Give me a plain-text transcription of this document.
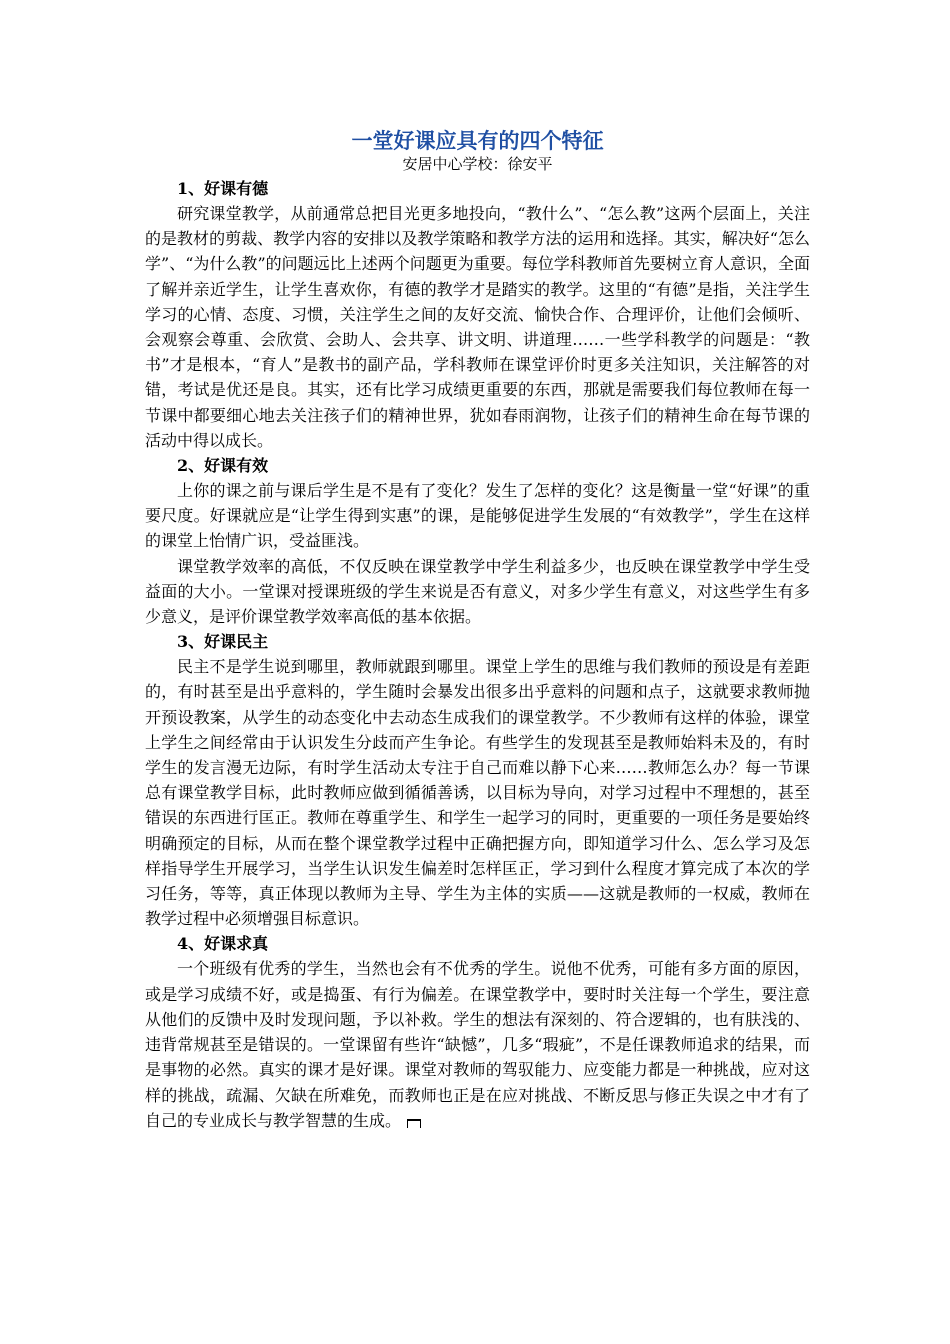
一堂好课应具有的四个特征

安居中心学校：徐安平

1、好课有德

研究课堂教学，从前通常总把目光更多地投向，“教什么”、“怎么教”这两个层面上，关注的是教材的剪裁、教学内容的安排以及教学策略和教学方法的运用和选择。其实，解决好“怎么学”、“为什么教”的问题远比上述两个问题更为重要。每位学科教师首先要树立育人意识，全面了解并亲近学生，让学生喜欢你，有德的教学才是踏实的教学。这里的“有德”是指，关注学生学习的心情、态度、习惯，关注学生之间的友好交流、愉快合作、合理评价，让他们会倾听、会观察会尊重、会欣赏、会助人、会共享、讲文明、讲道理……一些学科教学的问题是：“教书”才是根本，“育人”是教书的副产品，学科教师在课堂评价时更多关注知识，关注解答的对错，考试是优还是良。其实，还有比学习成绩更重要的东西，那就是需要我们每位教师在每一节课中都要细心地去关注孩子们的精神世界，犹如春雨润物，让孩子们的精神生命在每节课的活动中得以成长。

2、好课有效

上你的课之前与课后学生是不是有了变化？发生了怎样的变化？这是衡量一堂“好课”的重要尺度。好课就应是“让学生得到实惠”的课，是能够促进学生发展的“有效教学”，学生在这样的课堂上怡情广识，受益匪浅。

课堂教学效率的高低，不仅反映在课堂教学中学生利益多少，也反映在课堂教学中学生受益面的大小。一堂课对授课班级的学生来说是否有意义，对多少学生有意义，对这些学生有多少意义，是评价课堂教学效率高低的基本依据。

3、好课民主

民主不是学生说到哪里，教师就跟到哪里。课堂上学生的思维与我们教师的预设是有差距的，有时甚至是出乎意料的，学生随时会暴发出很多出乎意料的问题和点子，这就要求教师抛开预设教案，从学生的动态变化中去动态生成我们的课堂教学。不少教师有这样的体验，课堂上学生之间经常由于认识发生分歧而产生争论。有些学生的发现甚至是教师始料未及的，有时学生的发言漫无边际，有时学生活动太专注于自己而难以静下心来……教师怎么办？每一节课总有课堂教学目标，此时教师应做到循循善诱，以目标为导向，对学习过程中不理想的，甚至错误的东西进行匡正。教师在尊重学生、和学生一起学习的同时，更重要的一项任务是要始终明确预定的目标，从而在整个课堂教学过程中正确把握方向，即知道学习什么、怎么学习及怎样指导学生开展学习，当学生认识发生偏差时怎样匡正，学习到什么程度才算完成了本次的学习任务，等等，真正体现以教师为主导、学生为主体的实质——这就是教师的一权威，教师在教学过程中必须增强目标意识。

4、好课求真

一个班级有优秀的学生，当然也会有不优秀的学生。说他不优秀，可能有多方面的原因，或是学习成绩不好，或是捣蛋、有行为偏差。在课堂教学中，要时时关注每一个学生，要注意从他们的反馈中及时发现问题，予以补救。学生的想法有深刻的、符合逻辑的，也有肤浅的、违背常规甚至是错误的。一堂课留有些许“缺憾”，几多“瑕疵”，不是任课教师追求的结果，而是事物的必然。真实的课才是好课。课堂对教师的驾驭能力、应变能力都是一种挑战，应对这样的挑战，疏漏、欠缺在所难免，而教师也正是在应对挑战、不断反思与修正失误之中才有了自己的专业成长与教学智慧的生成。
